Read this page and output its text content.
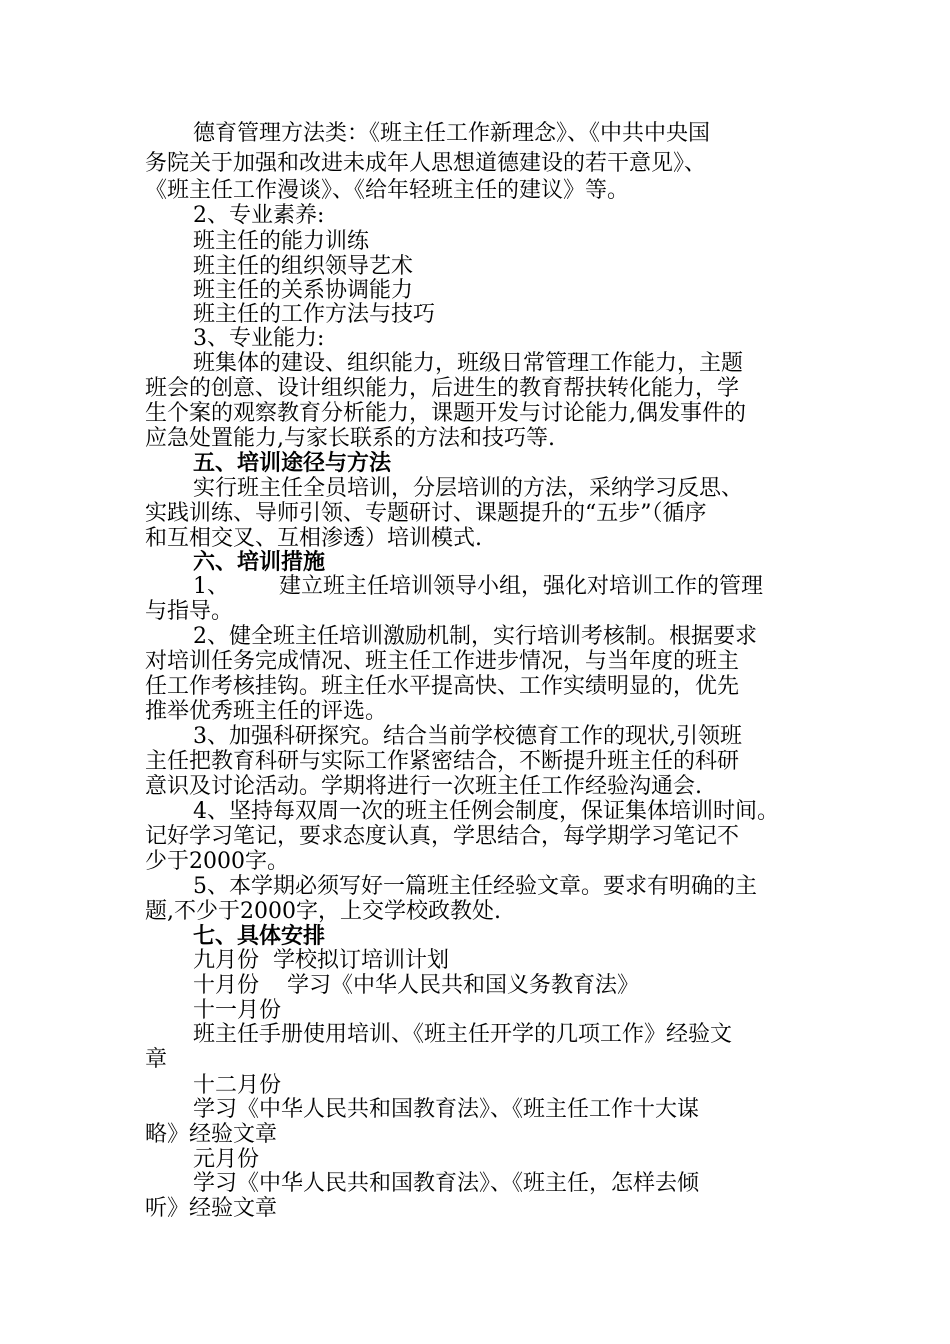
德育管理方法类：《班主任工作新理念》、《中共中央国
务院关于加强和改进未成年人思想道德建设的若干意见》、
《班主任工作漫谈》、《给年轻班主任的建议》等。
2、专业素养:
班主任的能力训练
班主任的组织领导艺术
班主任的关系协调能力
班主任的工作方法与技巧
3、专业能力:
班集体的建设、组织能力，班级日常管理工作能力，主题
班会的创意、设计组织能力，后进生的教育帮扶转化能力，学
生个案的观察教育分析能力，课题开发与讨论能力,偶发事件的
应急处置能力,与家长联系的方法和技巧等.
五、培训途径与方法
实行班主任全员培训，分层培训的方法，采纳学习反思、
实践训练、导师引领、专题研讨、课题提升的“五步”（循序
和互相交叉、互相渗透）培训模式.
六、培训措施
1、 建立班主任培训领导小组，强化对培训工作的管理
与指导。
2、健全班主任培训激励机制，实行培训考核制。根据要求
对培训任务完成情况、班主任工作进步情况，与当年度的班主
任工作考核挂钩。班主任水平提高快、工作实绩明显的，优先
推举优秀班主任的评选。
3、加强科研探究。结合当前学校德育工作的现状,引领班
主任把教育科研与实际工作紧密结合，不断提升班主任的科研
意识及讨论活动。学期将进行一次班主任工作经验沟通会.
4、坚持每双周一次的班主任例会制度，保证集体培训时间。
记好学习笔记，要求态度认真，学思结合，每学期学习笔记不
少于2000字。
5、本学期必须写好一篇班主任经验文章。要求有明确的主
题,不少于2000字，上交学校政教处.
七、具体安排
九月份 学校拟订培训计划
十月份 学习《中华人民共和国义务教育法》
十一月份
班主任手册使用培训、《班主任开学的几项工作》经验文
章
十二月份
学习《中华人民共和国教育法》、《班主任工作十大谋
略》经验文章
元月份
学习《中华人民共和国教育法》、《班主任，怎样去倾
听》经验文章
